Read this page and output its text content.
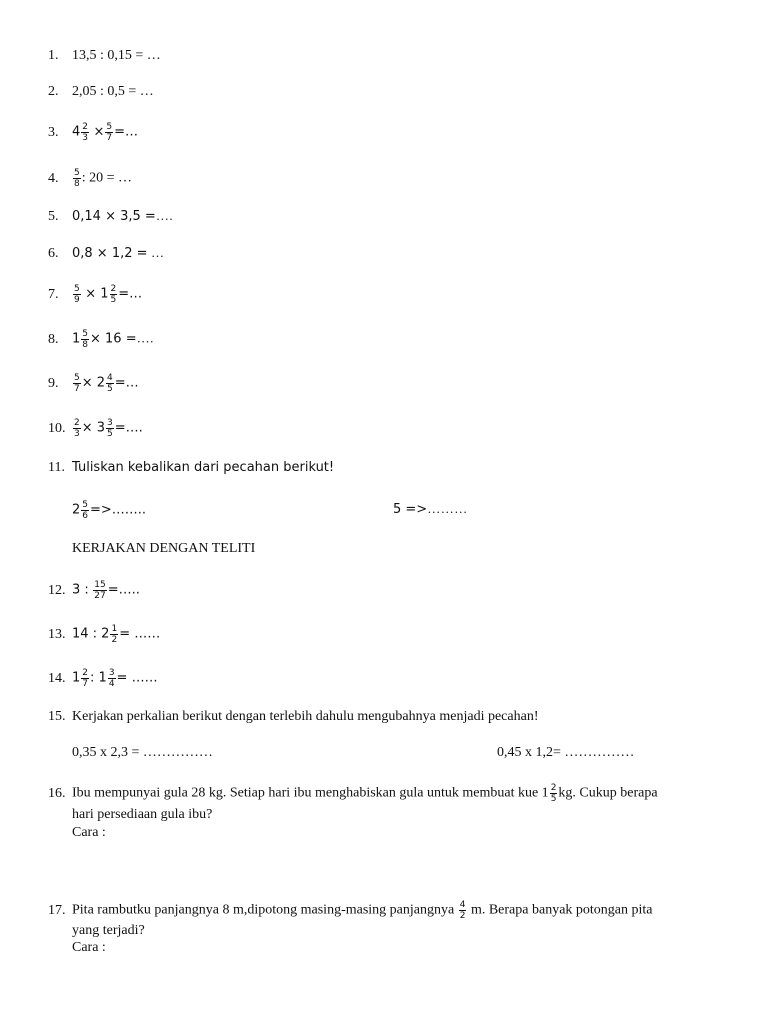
1. 13,5 : 0,15 = …
2. 2,05 : 0,5 = …
3. $4 \frac{2}{3} \times \frac{5}{7}$ =…
4. $\frac{5}{8}$ : 20 = …
5. 0,14 × 3,5 =….
6. 0,8 × 1,2 = …
7. $\frac{5}{9} \times 1 \frac{2}{5}$ =…
8. $1 \frac{5}{8} \times 16$ =….
9. $\frac{5}{7} \times 2 \frac{4}{5}$ =…
10. $\frac{2}{3} \times 3 \frac{3}{5}$ =….
11. Tuliskan kebalikan dari pecahan berikut!
$2 \frac{5}{6}$ =>……..	5 =>………
KERJAKAN DENGAN TELITI
12. 3 : $\frac{15}{27}$ =…..
13. 14 : $2 \frac{1}{2}$ = ……
14. $1 \frac{2}{7}$ : $1 \frac{3}{4}$ = ……
15. Kerjakan perkalian berikut dengan terlebih dahulu mengubahnya menjadi pecahan!
0,35 x 2,3 = ……………	0,45 x 1,2= ……………
16. Ibu mempunyai gula 28 kg. Setiap hari ibu menghabiskan gula untuk membuat kue $1 \frac{2}{5}$ kg. Cukup berapa
hari persediaan gula ibu?
Cara :
17. Pita rambutku panjangnya 8 m,dipotong masing-masing panjangnya $\frac{4}{2} m$. Berapa banyak potongan pita
yang terjadi?
Cara :
